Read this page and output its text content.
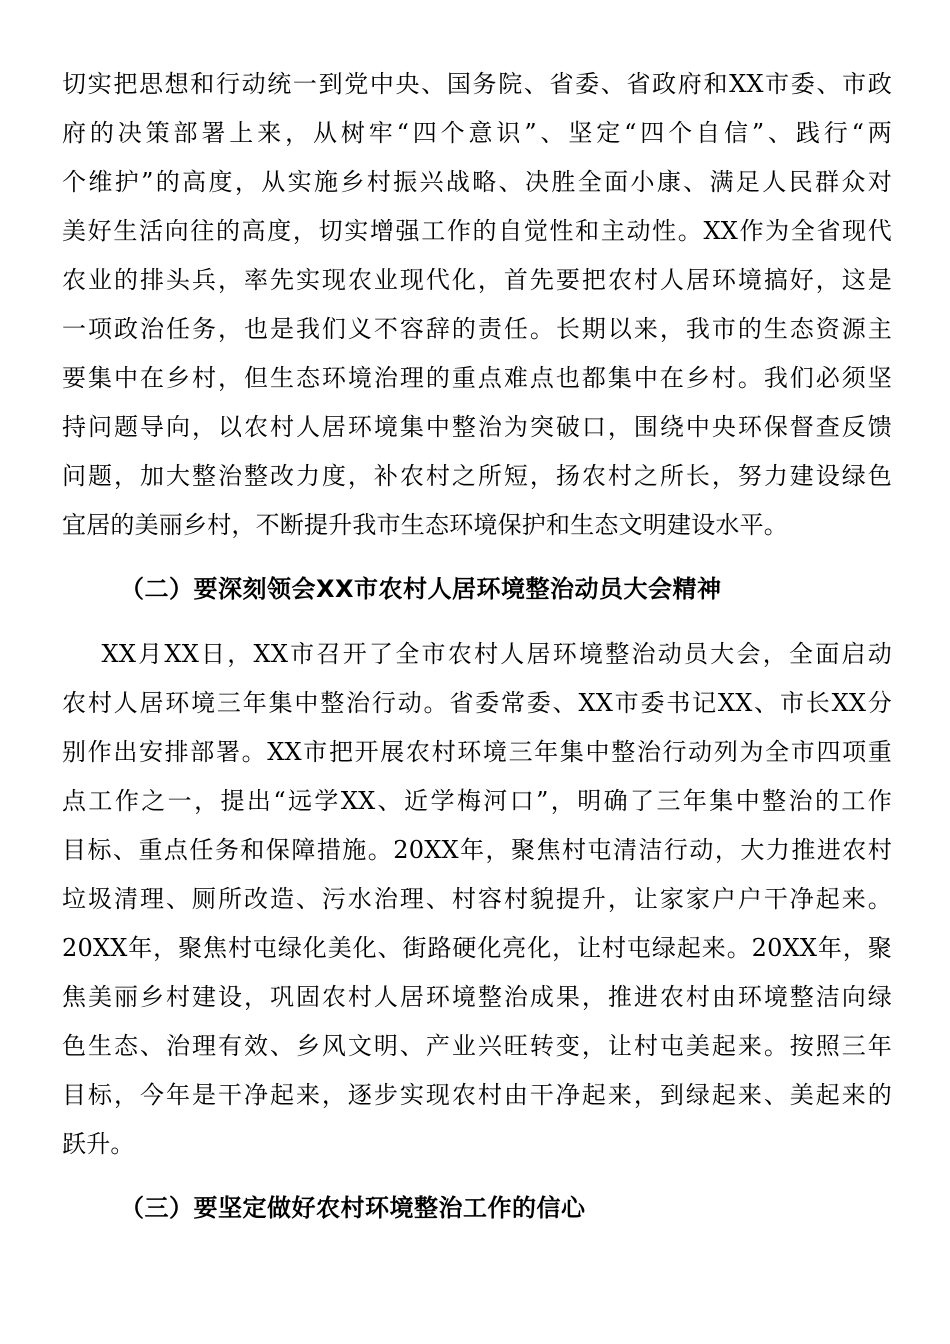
切实把思想和行动统一到党中央、国务院、省委、省政府和XX市委、市政
府的决策部署上来，从树牢“四个意识”、坚定“四个自信”、践行“两
个维护”的高度，从实施乡村振兴战略、决胜全面小康、满足人民群众对
美好生活向往的高度，切实增强工作的自觉性和主动性。XX作为全省现代
农业的排头兵，率先实现农业现代化，首先要把农村人居环境搞好，这是
一项政治任务，也是我们义不容辞的责任。长期以来，我市的生态资源主
要集中在乡村，但生态环境治理的重点难点也都集中在乡村。我们必须坚
持问题导向，以农村人居环境集中整治为突破口，围绕中央环保督查反馈
问题，加大整治整改力度，补农村之所短，扬农村之所长，努力建设绿色
宜居的美丽乡村，不断提升我市生态环境保护和生态文明建设水平。
（二）要深刻领会XX市农村人居环境整治动员大会精神
XX月XX日，XX市召开了全市农村人居环境整治动员大会，全面启动
农村人居环境三年集中整治行动。省委常委、XX市委书记XX、市长XX分
别作出安排部署。XX市把开展农村环境三年集中整治行动列为全市四项重
点工作之一，提出“远学XX、近学梅河口”，明确了三年集中整治的工作
目标、重点任务和保障措施。20XX年，聚焦村屯清洁行动，大力推进农村
垃圾清理、厕所改造、污水治理、村容村貌提升，让家家户户干净起来。
20XX年，聚焦村屯绿化美化、街路硬化亮化，让村屯绿起来。20XX年，聚
焦美丽乡村建设，巩固农村人居环境整治成果，推进农村由环境整洁向绿
色生态、治理有效、乡风文明、产业兴旺转变，让村屯美起来。按照三年
目标，今年是干净起来，逐步实现农村由干净起来，到绿起来、美起来的
跃升。
（三）要坚定做好农村环境整治工作的信心
